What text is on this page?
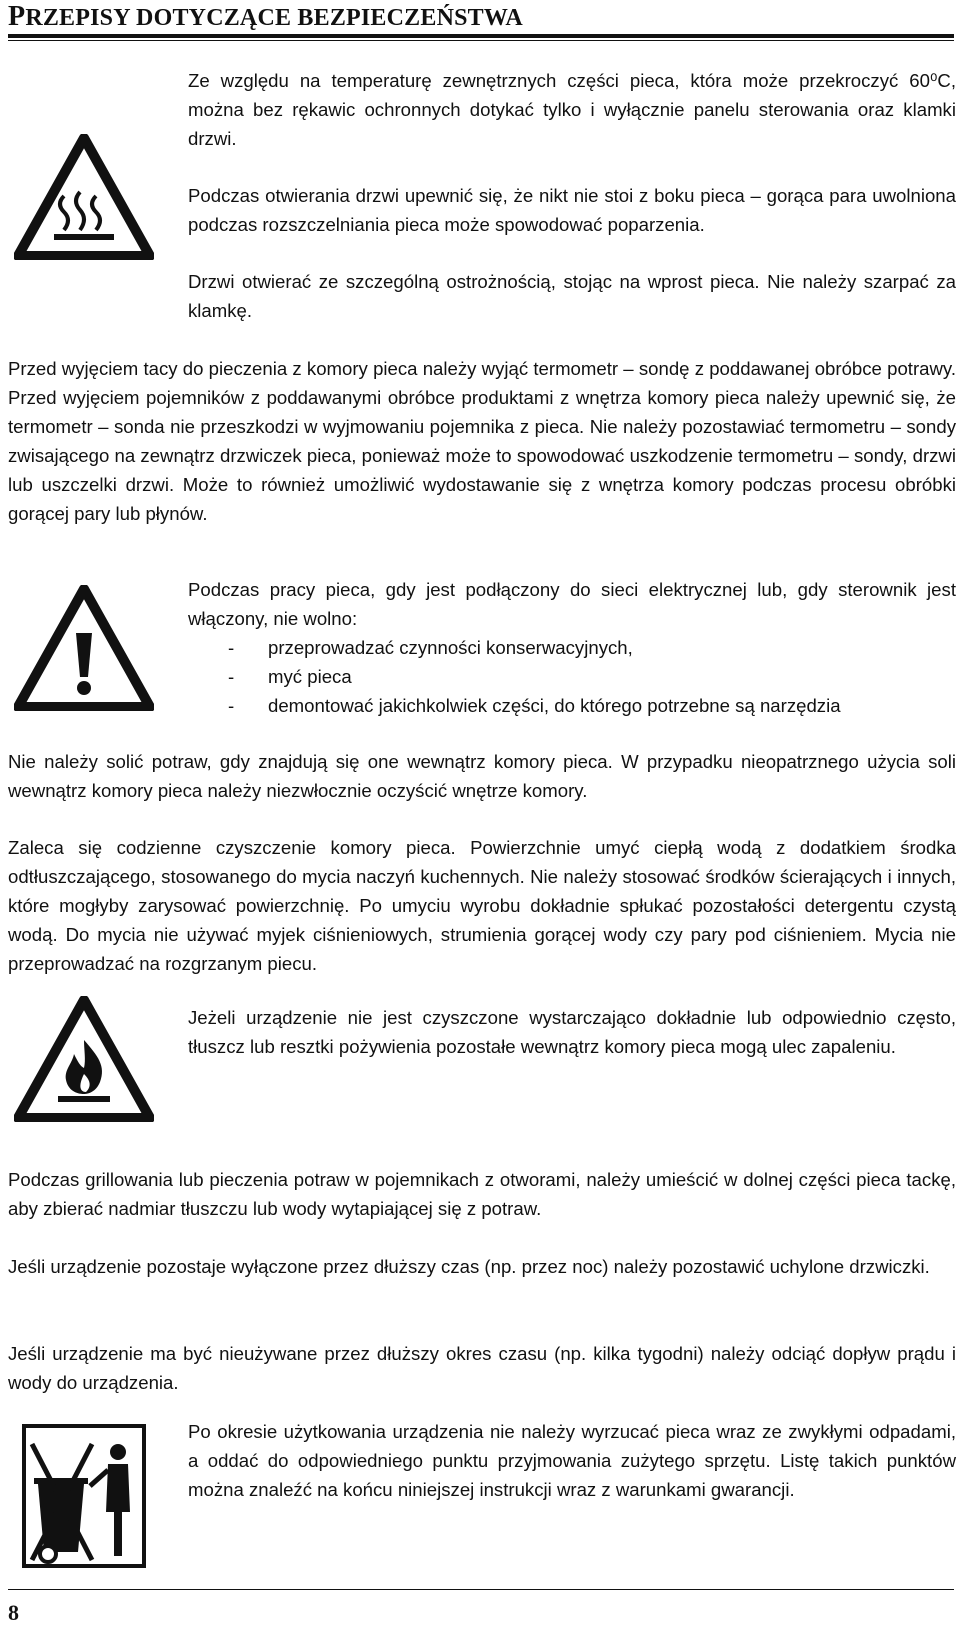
PRZEPISY DOTYCZĄCE BEZPIECZEŃSTWA

Ze względu na temperaturę zewnętrznych części pieca, która może przekroczyć 60⁰C, można bez rękawic ochronnych dotykać tylko i wyłącznie panelu sterowania oraz klamki drzwi.

Podczas otwierania drzwi upewnić się, że nikt nie stoi z boku pieca – gorąca para uwolniona podczas rozszczelniania pieca może spowodować poparzenia.

Drzwi otwierać ze szczególną ostrożnością, stojąc na wprost pieca. Nie należy szarpać za klamkę.

Przed wyjęciem tacy do pieczenia z komory pieca należy wyjąć termometr – sondę z poddawanej obróbce potrawy. Przed wyjęciem pojemników z poddawanymi obróbce produktami z wnętrza komory pieca należy upewnić się, że termometr – sonda nie przeszkodzi w wyjmowaniu pojemnika z pieca. Nie należy pozostawiać termometru – sondy zwisającego na zewnątrz drzwiczek pieca, ponieważ może to spowodować uszkodzenie termometru – sondy, drzwi lub uszczelki drzwi. Może to również umożliwić wydostawanie się z wnętrza komory podczas procesu obróbki gorącej pary lub płynów.

Podczas pracy pieca, gdy jest podłączony do sieci elektrycznej lub, gdy sterownik jest włączony, nie wolno:

- przeprowadzać czynności konserwacyjnych,
- myć pieca
- demontować jakichkolwiek części, do którego potrzebne są narzędzia

Nie należy solić potraw, gdy znajdują się one wewnątrz komory pieca. W przypadku nieopatrznego użycia soli wewnątrz komory pieca należy niezwłocznie oczyścić wnętrze komory.

Zaleca się codzienne czyszczenie komory pieca. Powierzchnie umyć ciepłą wodą z dodatkiem środka odtłuszczającego, stosowanego do mycia naczyń kuchennych. Nie należy stosować środków ścierających i innych, które mogłyby zarysować powierzchnię. Po umyciu wyrobu dokładnie spłukać pozostałości detergentu czystą wodą. Do mycia nie używać myjek ciśnieniowych, strumienia gorącej wody czy pary pod ciśnieniem. Mycia nie przeprowadzać na rozgrzanym piecu.

Jeżeli urządzenie nie jest czyszczone wystarczająco dokładnie lub odpowiednio często, tłuszcz lub resztki pożywienia pozostałe wewnątrz komory pieca mogą ulec zapaleniu.

Podczas grillowania lub pieczenia potraw w pojemnikach z otworami, należy umieścić w dolnej części pieca tackę, aby zbierać nadmiar tłuszczu lub wody wytapiającej się z potraw.

Jeśli urządzenie pozostaje wyłączone przez dłuższy czas (np. przez noc) należy pozostawić uchylone drzwiczki.

Jeśli urządzenie ma być nieużywane przez dłuższy okres czasu (np. kilka tygodni) należy odciąć dopływ prądu i wody do urządzenia.

Po okresie użytkowania urządzenia nie należy wyrzucać pieca wraz ze zwykłymi odpadami, a oddać do odpowiedniego punktu przyjmowania zużytego sprzętu. Listę takich punktów można znaleźć na końcu niniejszej instrukcji wraz z warunkami gwarancji.

8
